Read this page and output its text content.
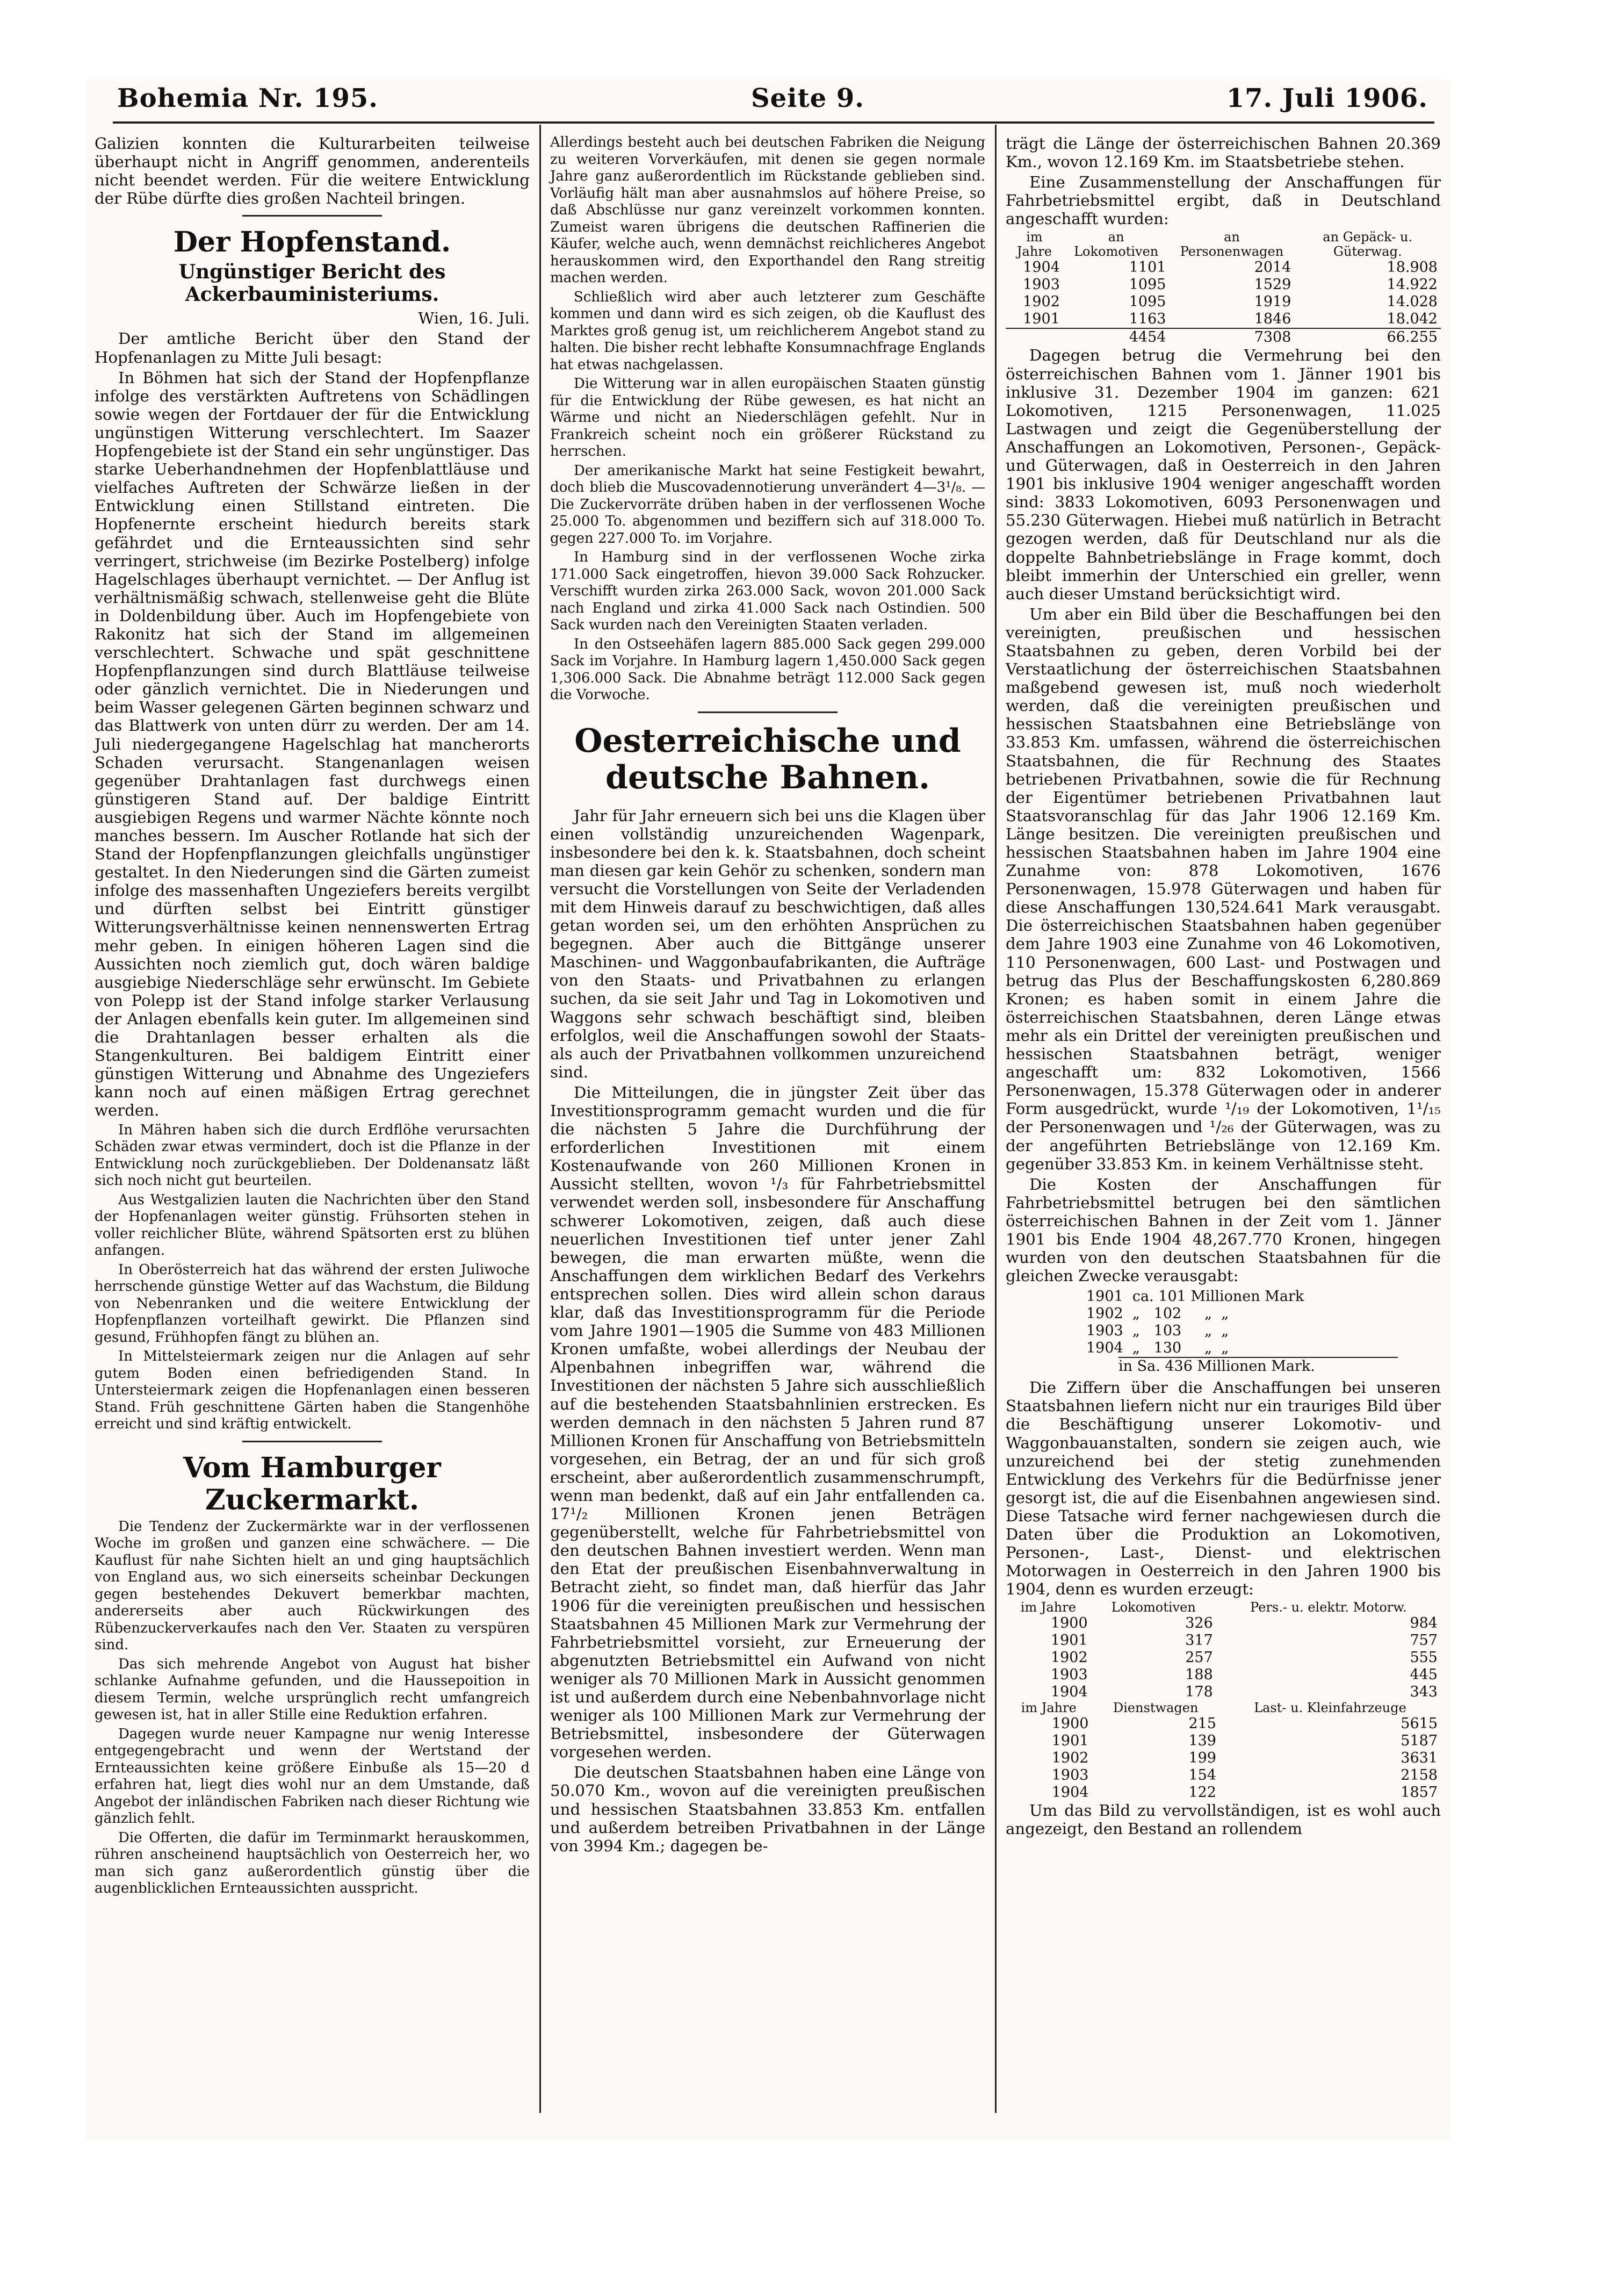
Bohemia Nr. 195.	Seite 9.	17. Juli 1906.

Galizien konnten die Kulturarbeiten teilweise überhaupt nicht in Angriff genommen, anderenteils nicht beendet werden. Für die weitere Entwicklung der Rübe dürfte dies großen Nachteil bringen.

Der Hopfenstand.
Ungünstiger Bericht des Ackerbauministeriums.

Wien, 16. Juli.

Der amtliche Bericht über den Stand der Hopfenanlagen zu Mitte Juli besagt:

In Böhmen hat sich der Stand der Hopfenpflanze infolge des verstärkten Auftretens von Schädlingen sowie wegen der Fortdauer der für die Entwicklung ungünstigen Witterung verschlechtert. Im Saazer Hopfengebiete ist der Stand ein sehr ungünstiger. Das starke Ueberhandnehmen der Hopfenblattläuse und vielfaches Auftreten der Schwärze ließen in der Entwicklung einen Stillstand eintreten. Die Hopfenernte erscheint hiedurch bereits stark gefährdet und die Ernteaussichten sind sehr verringert, strichweise (im Bezirke Postelberg) infolge Hagelschlages überhaupt vernichtet. — Der Anflug ist verhältnismäßig schwach, stellenweise geht die Blüte in Doldenbildung über. Auch im Hopfengebiete von Rakonitz hat sich der Stand im allgemeinen verschlechtert. Schwache und spät geschnittene Hopfenpflanzungen sind durch Blattläuse teilweise oder gänzlich vernichtet. Die in Niederungen und beim Wasser gelegenen Gärten beginnen schwarz und das Blattwerk von unten dürr zu werden. Der am 14. Juli niedergegangene Hagelschlag hat mancherorts Schaden verursacht. Stangenanlagen weisen gegenüber Drahtanlagen fast durchwegs einen günstigeren Stand auf. Der baldige Eintritt ausgiebigen Regens und warmer Nächte könnte noch manches bessern. Im Auscher Rotlande hat sich der Stand der Hopfenpflanzungen gleichfalls ungünstiger gestaltet. In den Niederungen sind die Gärten zumeist infolge des massenhaften Ungeziefers bereits vergilbt und dürften selbst bei Eintritt günstiger Witterungsverhältnisse keinen nennenswerten Ertrag mehr geben. In einigen höheren Lagen sind die Aussichten noch ziemlich gut, doch wären baldige ausgiebige Niederschläge sehr erwünscht. Im Gebiete von Polepp ist der Stand infolge starker Verlausung der Anlagen ebenfalls kein guter. Im allgemeinen sind die Drahtanlagen besser erhalten als die Stangenkulturen. Bei baldigem Eintritt einer günstigen Witterung und Abnahme des Ungeziefers kann noch auf einen mäßigen Ertrag gerechnet werden.

In Mähren haben sich die durch Erdflöhe verursachten Schäden zwar etwas vermindert, doch ist die Pflanze in der Entwicklung noch zurückgeblieben. Der Doldenansatz läßt sich noch nicht gut beurteilen.

Aus Westgalizien lauten die Nachrichten über den Stand der Hopfenanlagen weiter günstig. Frühsorten stehen in voller reichlicher Blüte, während Spätsorten erst zu blühen anfangen.

In Oberösterreich hat das während der ersten Juliwoche herrschende günstige Wetter auf das Wachstum, die Bildung von Nebenranken und die weitere Entwicklung der Hopfenpflanzen vorteilhaft gewirkt. Die Pflanzen sind gesund, Frühhopfen fängt zu blühen an.

In Mittelsteiermark zeigen nur die Anlagen auf sehr gutem Boden einen befriedigenden Stand. In Untersteiermark zeigen die Hopfenanlagen einen besseren Stand. Früh geschnittene Gärten haben die Stangenhöhe erreicht und sind kräftig entwickelt.

Vom Hamburger Zuckermarkt.

Die Tendenz der Zuckermärkte war in der verflossenen Woche im großen und ganzen eine schwächere. — Die Kauflust für nahe Sichten hielt an und ging hauptsächlich von England aus, wo sich einerseits scheinbar Deckungen gegen bestehendes Dekuvert bemerkbar machten, andererseits aber auch Rückwirkungen des Rübenzuckerverkaufes nach den Ver. Staaten zu verspüren sind.

Das sich mehrende Angebot von August hat bisher schlanke Aufnahme gefunden, und die Haussepoition in diesem Termin, welche ursprünglich recht umfangreich gewesen ist, hat in aller Stille eine Reduktion erfahren.

Dagegen wurde neuer Kampagne nur wenig Interesse entgegengebracht und wenn der Wertstand der Ernteaussichten keine größere Einbuße als 15—20 d erfahren hat, liegt dies wohl nur an dem Umstande, daß Angebot der inländischen Fabriken nach dieser Richtung wie gänzlich fehlt.

Die Offerten, die dafür im Terminmarkt herauskommen, rühren anscheinend hauptsächlich von Oesterreich her, wo man sich ganz außerordentlich günstig über die augenblicklichen Ernteaussichten ausspricht.

Allerdings besteht auch bei deutschen Fabriken die Neigung zu weiteren Vorverkäufen, mit denen sie gegen normale Jahre ganz außerordentlich im Rückstande geblieben sind. Vorläufig hält man aber ausnahmslos auf höhere Preise, so daß Abschlüsse nur ganz vereinzelt vorkommen konnten. Zumeist waren übrigens die deutschen Raffinerien die Käufer, welche auch, wenn demnächst reichlicheres Angebot herauskommen wird, den Exporthandel den Rang streitig machen werden.

Schließlich wird aber auch letzterer zum Geschäfte kommen und dann wird es sich zeigen, ob die Kauflust des Marktes groß genug ist, um reichlicherem Angebot stand zu halten. Die bisher recht lebhafte Konsumnachfrage Englands hat etwas nachgelassen.

Die Witterung war in allen europäischen Staaten günstig für die Entwicklung der Rübe gewesen, es hat nicht an Wärme und nicht an Niederschlägen gefehlt. Nur in Frankreich scheint noch ein größerer Rückstand zu herrschen.

Der amerikanische Markt hat seine Festigkeit bewahrt, doch blieb die Muscovadennotierung unverändert 4—3¹/₈. — Die Zuckervorräte drüben haben in der verflossenen Woche 25.000 To. abgenommen und beziffern sich auf 318.000 To. gegen 227.000 To. im Vorjahre.

In Hamburg sind in der verflossenen Woche zirka 171.000 Sack eingetroffen, hievon 39.000 Sack Rohzucker. Verschifft wurden zirka 263.000 Sack, wovon 201.000 Sack nach England und zirka 41.000 Sack nach Ostindien. 500 Sack wurden nach den Vereinigten Staaten verladen.

In den Ostseehäfen lagern 885.000 Sack gegen 299.000 Sack im Vorjahre. In Hamburg lagern 1,450.000 Sack gegen 1,306.000 Sack. Die Abnahme beträgt 112.000 Sack gegen die Vorwoche.

Oesterreichische und deutsche Bahnen.

Jahr für Jahr erneuern sich bei uns die Klagen über einen vollständig unzureichenden Wagenpark, insbesondere bei den k. k. Staatsbahnen, doch scheint man diesen gar kein Gehör zu schenken, sondern man versucht die Vorstellungen von Seite der Verladenden mit dem Hinweis darauf zu beschwichtigen, daß alles getan worden sei, um den erhöhten Ansprüchen zu begegnen. Aber auch die Bittgänge unserer Maschinen- und Waggonbaufabrikanten, die Aufträge von den Staats- und Privatbahnen zu erlangen suchen, da sie seit Jahr und Tag in Lokomotiven und Waggons sehr schwach beschäftigt sind, bleiben erfolglos, weil die Anschaffungen sowohl der Staats- als auch der Privatbahnen vollkommen unzureichend sind.

Die Mitteilungen, die in jüngster Zeit über das Investitionsprogramm gemacht wurden und die für die nächsten 5 Jahre die Durchführung der erforderlichen Investitionen mit einem Kostenaufwande von 260 Millionen Kronen in Aussicht stellten, wovon ¹/₃ für Fahrbetriebsmittel verwendet werden soll, insbesondere für Anschaffung schwerer Lokomotiven, zeigen, daß auch diese neuerlichen Investitionen tief unter jener Zahl bewegen, die man erwarten müßte, wenn die Anschaffungen dem wirklichen Bedarf des Verkehrs entsprechen sollen. Dies wird allein schon daraus klar, daß das Investitionsprogramm für die Periode vom Jahre 1901—1905 die Summe von 483 Millionen Kronen umfaßte, wobei allerdings der Neubau der Alpenbahnen inbegriffen war, während die Investitionen der nächsten 5 Jahre sich ausschließlich auf die bestehenden Staatsbahnlinien erstrecken. Es werden demnach in den nächsten 5 Jahren rund 87 Millionen Kronen für Anschaffung von Betriebsmitteln vorgesehen, ein Betrag, der an und für sich groß erscheint, aber außerordentlich zusammenschrumpft, wenn man bedenkt, daß auf ein Jahr entfallenden ca. 17¹/₂ Millionen Kronen jenen Beträgen gegenüberstellt, welche für Fahrbetriebsmittel von den deutschen Bahnen investiert werden. Wenn man den Etat der preußischen Eisenbahnverwaltung in Betracht zieht, so findet man, daß hierfür das Jahr 1906 für die vereinigten preußischen und hessischen Staatsbahnen 45 Millionen Mark zur Vermehrung der Fahrbetriebsmittel vorsieht, zur Erneuerung der abgenutzten Betriebsmittel ein Aufwand von nicht weniger als 70 Millionen Mark in Aussicht genommen ist und außerdem durch eine Nebenbahnvorlage nicht weniger als 100 Millionen Mark zur Vermehrung der Betriebsmittel, insbesondere der Güterwagen vorgesehen werden.

Die deutschen Staatsbahnen haben eine Länge von 50.070 Km., wovon auf die vereinigten preußischen und hessischen Staatsbahnen 33.853 Km. entfallen und außerdem betreiben Privatbahnen in der Länge von 3994 Km.; dagegen be-

trägt die Länge der österreichischen Bahnen 20.369 Km., wovon 12.169 Km. im Staatsbetriebe stehen.

Eine Zusammenstellung der Anschaffungen für Fahrbetriebsmittel ergibt, daß in Deutschland angeschafft wurden:

im Jahre	an Lokomotiven	an Personenwagen	an Gepäck- u. Güterwag.
1904	1101	2014	18.908
1903	1095	1529	14.922
1902	1095	1919	14.028
1901	1163	1846	18.042
	4454	7308	66.255

Dagegen betrug die Vermehrung bei den österreichischen Bahnen vom 1. Jänner 1901 bis inklusive 31. Dezember 1904 im ganzen: 621 Lokomotiven, 1215 Personenwagen, 11.025 Lastwagen und zeigt die Gegenüberstellung der Anschaffungen an Lokomotiven, Personen-, Gepäck- und Güterwagen, daß in Oesterreich in den Jahren 1901 bis inklusive 1904 weniger angeschafft worden sind: 3833 Lokomotiven, 6093 Personenwagen und 55.230 Güterwagen. Hiebei muß natürlich in Betracht gezogen werden, daß für Deutschland nur als die doppelte Bahnbetriebslänge in Frage kommt, doch bleibt immerhin der Unterschied ein greller, wenn auch dieser Umstand berücksichtigt wird.

Um aber ein Bild über die Beschaffungen bei den vereinigten, preußischen und hessischen Staatsbahnen zu geben, deren Vorbild bei der Verstaatlichung der österreichischen Staatsbahnen maßgebend gewesen ist, muß noch wiederholt werden, daß die vereinigten preußischen und hessischen Staatsbahnen eine Betriebslänge von 33.853 Km. umfassen, während die österreichischen Staatsbahnen, die für Rechnung des Staates betriebenen Privatbahnen, sowie die für Rechnung der Eigentümer betriebenen Privatbahnen laut Staatsvoranschlag für das Jahr 1906 12.169 Km. Länge besitzen. Die vereinigten preußischen und hessischen Staatsbahnen haben im Jahre 1904 eine Zunahme von: 878 Lokomotiven, 1676 Personenwagen, 15.978 Güterwagen und haben für diese Anschaffungen 130,524.641 Mark verausgabt. Die österreichischen Staatsbahnen haben gegenüber dem Jahre 1903 eine Zunahme von 46 Lokomotiven, 110 Personenwagen, 600 Last- und Postwagen und betrug das Plus der Beschaffungskosten 6,280.869 Kronen; es haben somit in einem Jahre die österreichischen Staatsbahnen, deren Länge etwas mehr als ein Drittel der vereinigten preußischen und hessischen Staatsbahnen beträgt, weniger angeschafft um: 832 Lokomotiven, 1566 Personenwagen, 15.378 Güterwagen oder in anderer Form ausgedrückt, wurde ¹/₁₉ der Lokomotiven, 1¹/₁₅ der Personenwagen und ¹/₂₆ der Güterwagen, was zu der angeführten Betriebslänge von 12.169 Km. gegenüber 33.853 Km. in keinem Verhältnisse steht.

Die Kosten der Anschaffungen für Fahrbetriebsmittel betrugen bei den sämtlichen österreichischen Bahnen in der Zeit vom 1. Jänner 1901 bis Ende 1904 48,267.770 Kronen, hingegen wurden von den deutschen Staatsbahnen für die gleichen Zwecke verausgabt:

1901 ca. 101 Millionen Mark
1902 „ 102 „  „
1903 „ 103 „  „
1904 „ 130 „  „
in Sa. 436 Millionen Mark.

Die Ziffern über die Anschaffungen bei unseren Staatsbahnen liefern nicht nur ein trauriges Bild über die Beschäftigung unserer Lokomotiv- und Waggonbauanstalten, sondern sie zeigen auch, wie unzureichend bei der stetig zunehmenden Entwicklung des Verkehrs für die Bedürfnisse jener gesorgt ist, die auf die Eisenbahnen angewiesen sind. Diese Tatsache wird ferner nachgewiesen durch die Daten über die Produktion an Lokomotiven, Personen-, Last-, Dienst- und elektrischen Motorwagen in Oesterreich in den Jahren 1900 bis 1904, denn es wurden erzeugt:

im Jahre	Lokomotiven	Pers.- u. elektr. Motorw.
1900	326	984
1901	317	757
1902	257	555
1903	188	445
1904	178	343
im Jahre	Dienstwagen	Last- u. Kleinfahrzeuge
1900	215	5615
1901	139	5187
1902	199	3631
1903	154	2158
1904	122	1857

Um das Bild zu vervollständigen, ist es wohl auch angezeigt, den Bestand an rollendem
